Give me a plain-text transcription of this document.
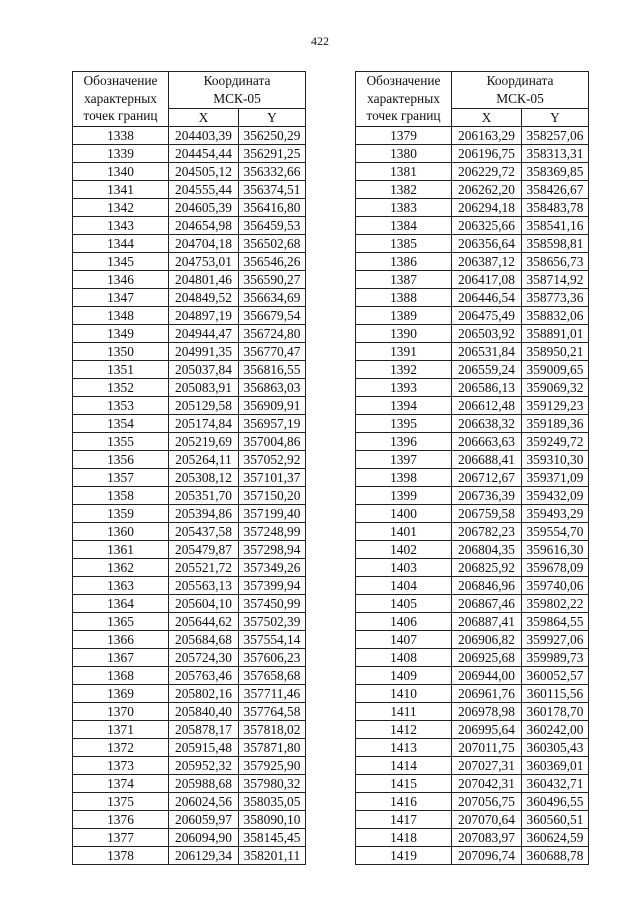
422
Обозначение
характерных
точек границ	Координата
МСК-05	

	X	Y
1338	204403,39	356250,29
1339	204454,44	356291,25
1340	204505,12	356332,66
1341	204555,44	356374,51
1342	204605,39	356416,80
1343	204654,98	356459,53
1344	204704,18	356502,68
1345	204753,01	356546,26
1346	204801,46	356590,27
1347	204849,52	356634,69
1348	204897,19	356679,54
1349	204944,47	356724,80
1350	204991,35	356770,47
1351	205037,84	356816,55
1352	205083,91	356863,03
1353	205129,58	356909,91
1354	205174,84	356957,19
1355	205219,69	357004,86
1356	205264,11	357052,92
1357	205308,12	357101,37
1358	205351,70	357150,20
1359	205394,86	357199,40
1360	205437,58	357248,99
1361	205479,87	357298,94
1362	205521,72	357349,26
1363	205563,13	357399,94
1364	205604,10	357450,99
1365	205644,62	357502,39
1366	205684,68	357554,14
1367	205724,30	357606,23
1368	205763,46	357658,68
1369	205802,16	357711,46
1370	205840,40	357764,58
1371	205878,17	357818,02
1372	205915,48	357871,80
1373	205952,32	357925,90
1374	205988,68	357980,32
1375	206024,56	358035,05
1376	206059,97	358090,10
1377	206094,90	358145,45
1378	206129,34	358201,11
Обозначение
характерных
точек границ	Координата
МСК-05	

	X	Y
1379	206163,29	358257,06
1380	206196,75	358313,31
1381	206229,72	358369,85
1382	206262,20	358426,67
1383	206294,18	358483,78
1384	206325,66	358541,16
1385	206356,64	358598,81
1386	206387,12	358656,73
1387	206417,08	358714,92
1388	206446,54	358773,36
1389	206475,49	358832,06
1390	206503,92	358891,01
1391	206531,84	358950,21
1392	206559,24	359009,65
1393	206586,13	359069,32
1394	206612,48	359129,23
1395	206638,32	359189,36
1396	206663,63	359249,72
1397	206688,41	359310,30
1398	206712,67	359371,09
1399	206736,39	359432,09
1400	206759,58	359493,29
1401	206782,23	359554,70
1402	206804,35	359616,30
1403	206825,92	359678,09
1404	206846,96	359740,06
1405	206867,46	359802,22
1406	206887,41	359864,55
1407	206906,82	359927,06
1408	206925,68	359989,73
1409	206944,00	360052,57
1410	206961,76	360115,56
1411	206978,98	360178,70
1412	206995,64	360242,00
1413	207011,75	360305,43
1414	207027,31	360369,01
1415	207042,31	360432,71
1416	207056,75	360496,55
1417	207070,64	360560,51
1418	207083,97	360624,59
1419	207096,74	360688,78
